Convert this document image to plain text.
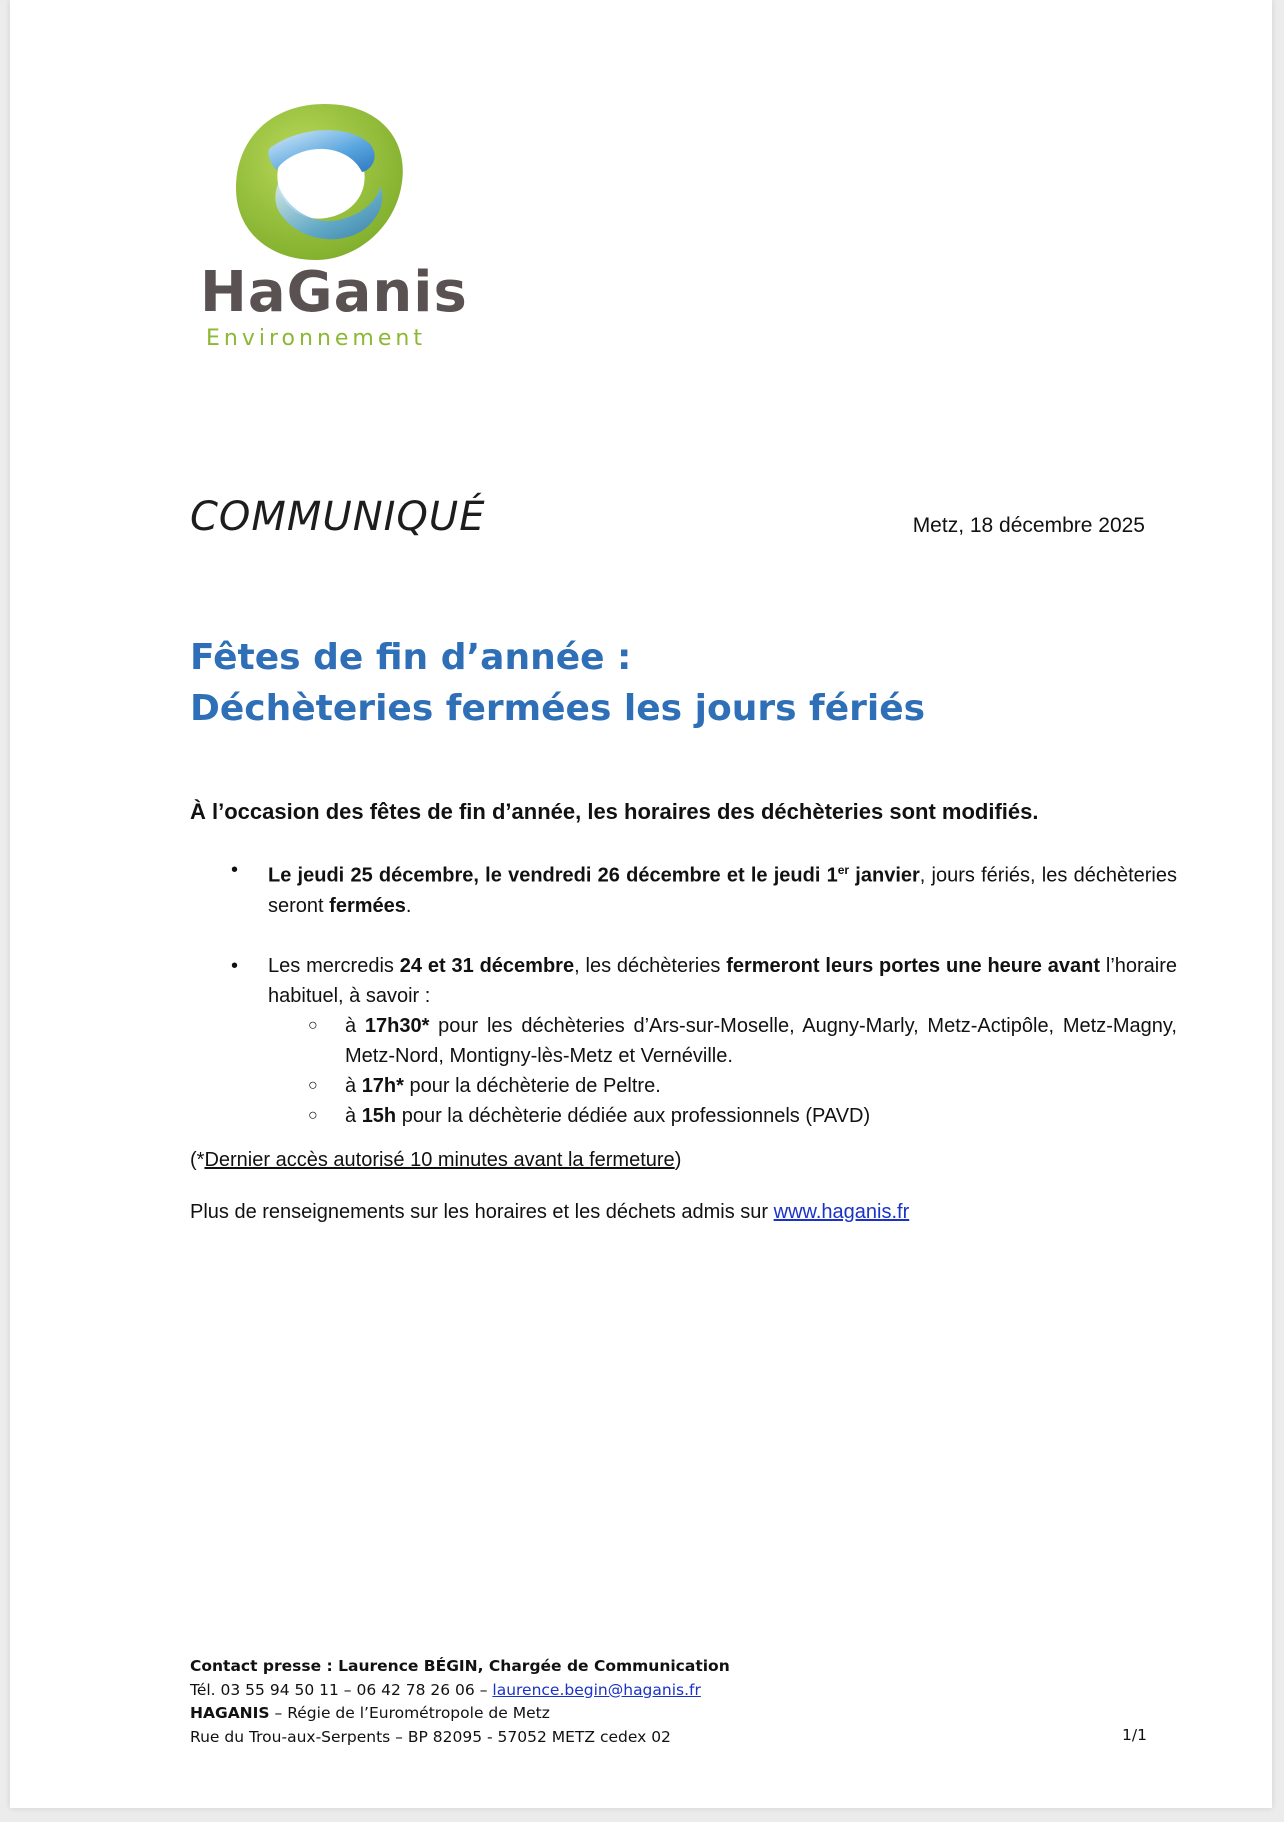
HaGanis
Environnement
COMMUNIQUÉ	Metz, 18 décembre 2025
Fêtes de fin d’année :
Déchèteries fermées les jours fériés

À l’occasion des fêtes de fin d’année, les horaires des déchèteries sont modifiés.

• Le jeudi 25 décembre, le vendredi 26 décembre et le jeudi 1er janvier, jours fériés, les déchèteries seront fermées.
• Les mercredis 24 et 31 décembre, les déchèteries fermeront leurs portes une heure avant l’horaire habituel, à savoir :
○	à 17h30* pour les déchèteries d’Ars-sur-Moselle, Augny-Marly, Metz-Actipôle, Metz-Magny, Metz-Nord, Montigny-lès-Metz et Vernéville.
○	à 17h* pour la déchèterie de Peltre.
○	à 15h pour la déchèterie dédiée aux professionnels (PAVD)

(*Dernier accès autorisé 10 minutes avant la fermeture)

Plus de renseignements sur les horaires et les déchets admis sur www.haganis.fr

Contact presse : Laurence BÉGIN, Chargée de Communication
Tél. 03 55 94 50 11 – 06 42 78 26 06 – laurence.begin@haganis.fr
HAGANIS – Régie de l’Eurométropole de Metz
Rue du Trou-aux-Serpents – BP 82095 - 57052 METZ cedex 02	1/1
